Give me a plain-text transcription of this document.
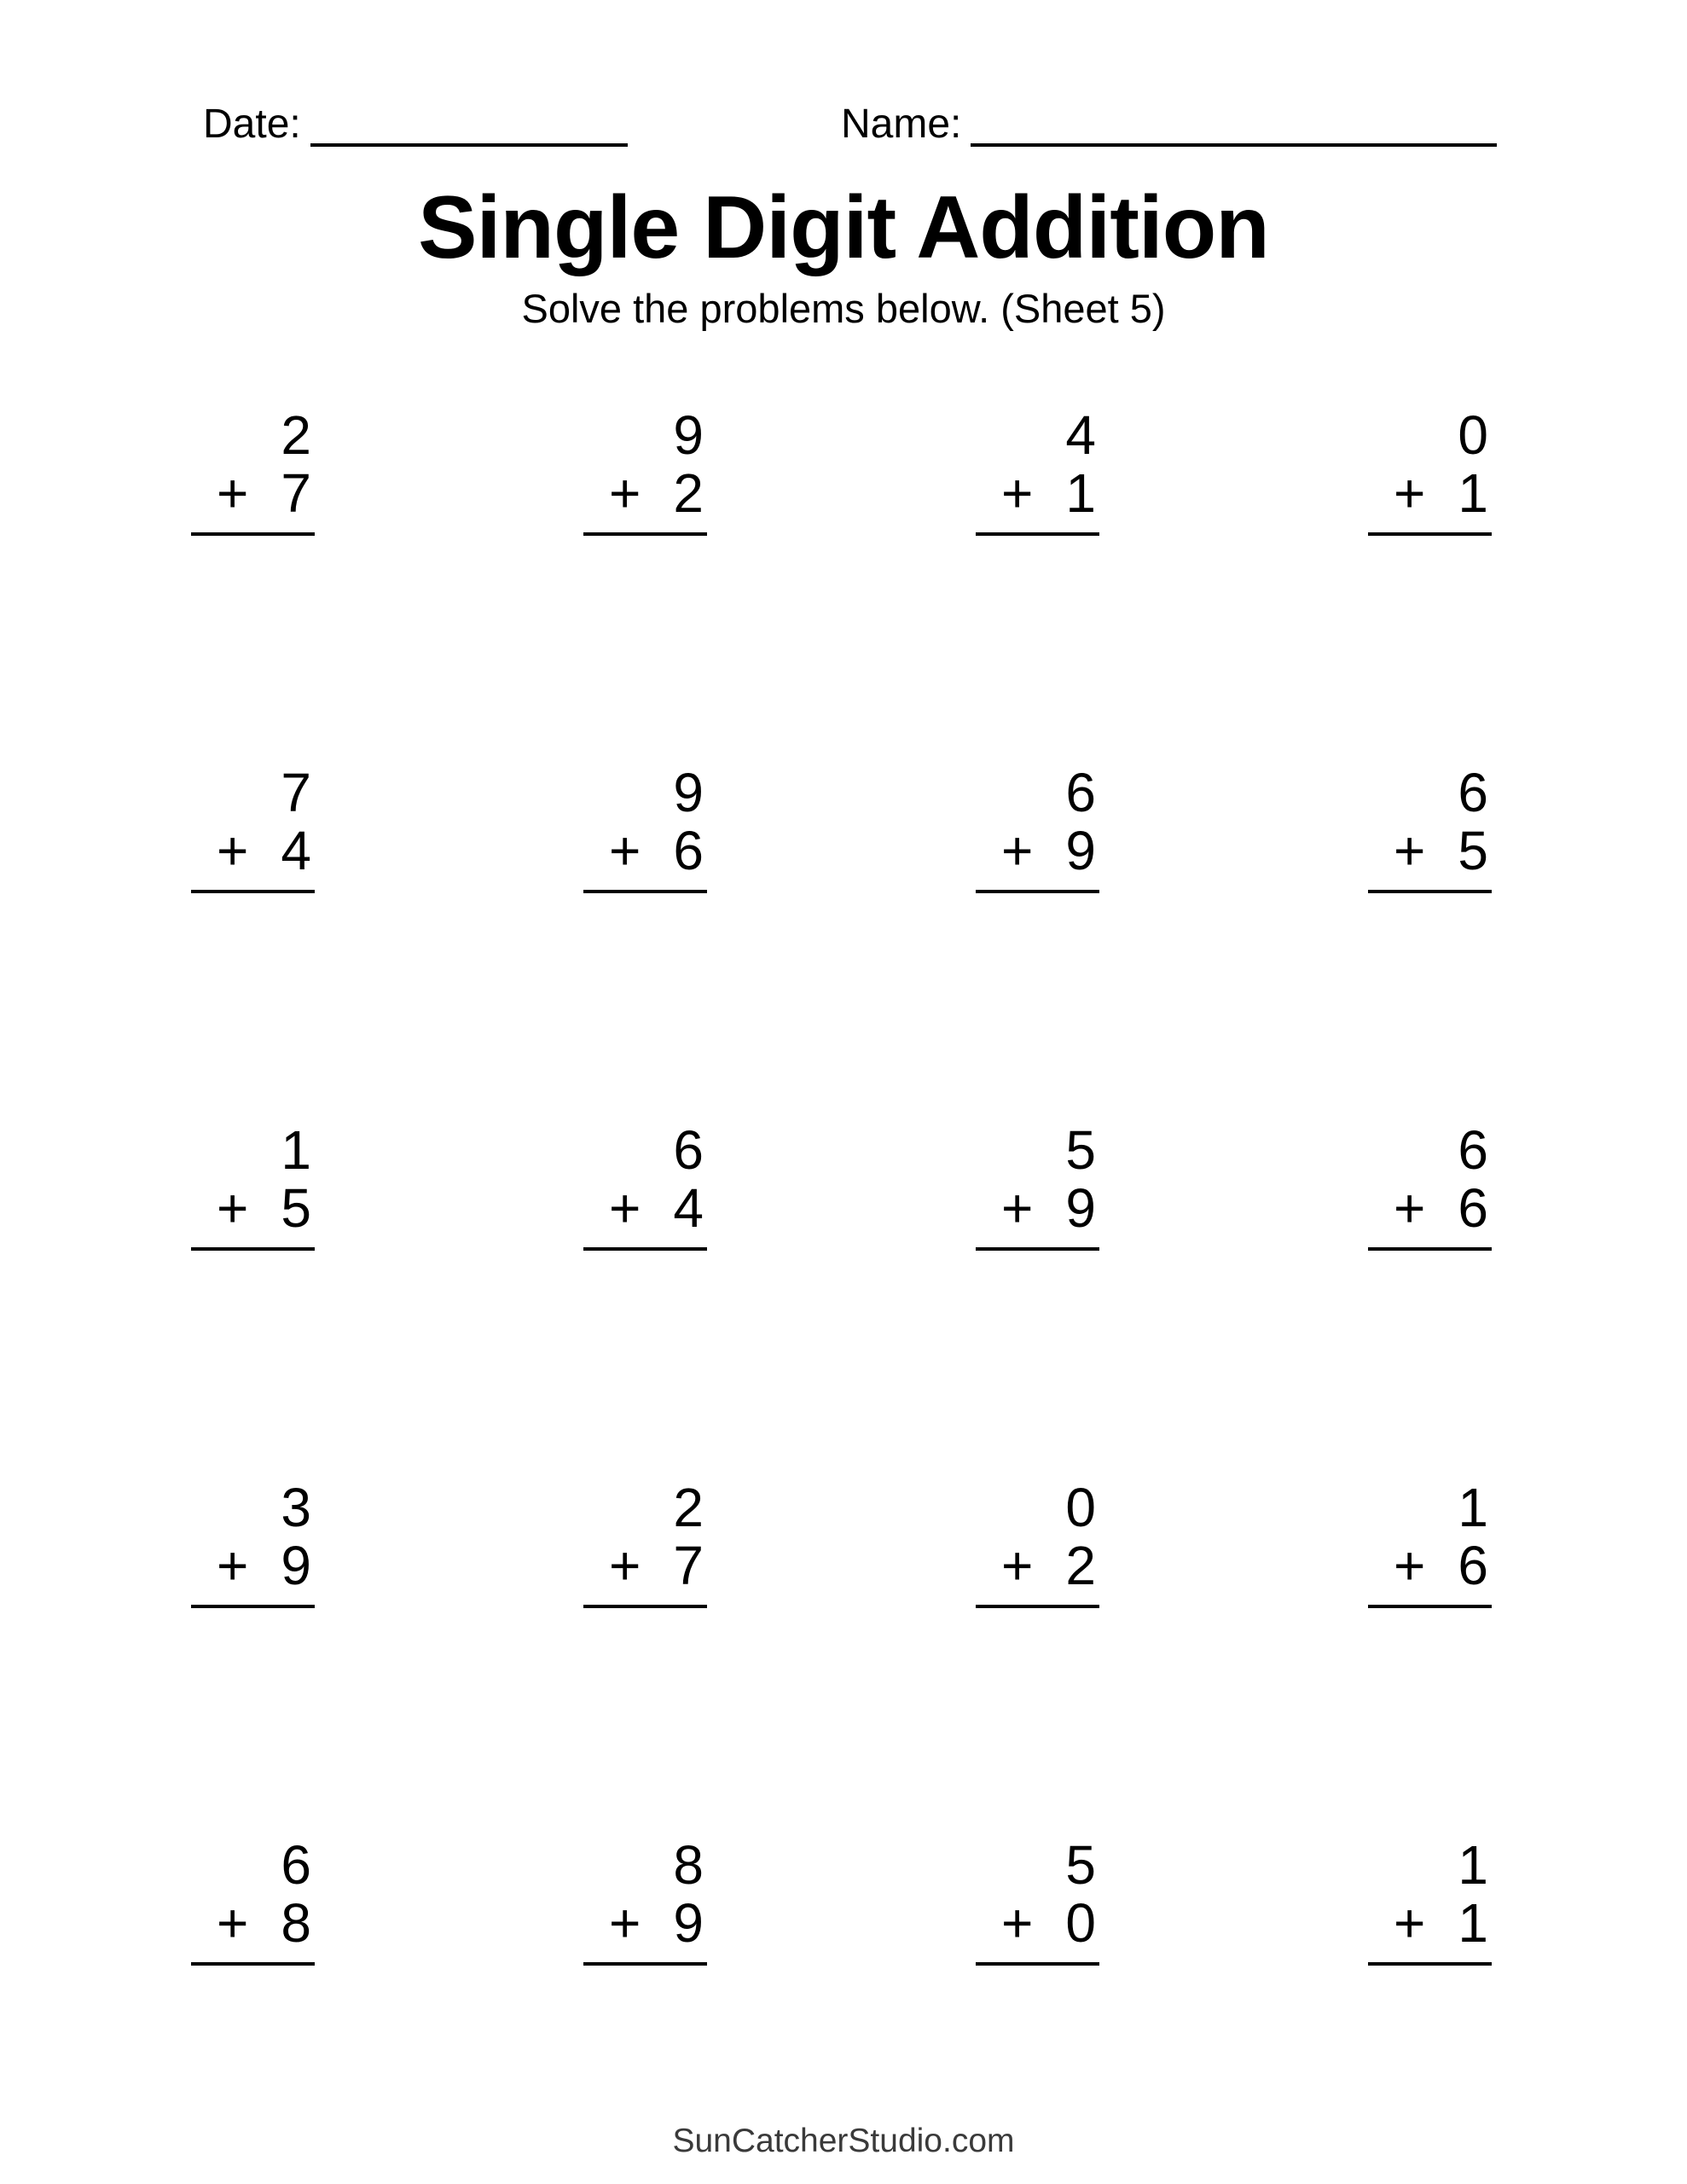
Date:	Name:
Single Digit Addition
Solve the problems below. (Sheet 5)
2
+ 7
9
+ 2
4
+ 1
0
+ 1
7
+ 4
9
+ 6
6
+ 9
6
+ 5
1
+ 5
6
+ 4
5
+ 9
6
+ 6
3
+ 9
2
+ 7
0
+ 2
1
+ 6
6
+ 8
8
+ 9
5
+ 0
1
+ 1
SunCatcherStudio.com
